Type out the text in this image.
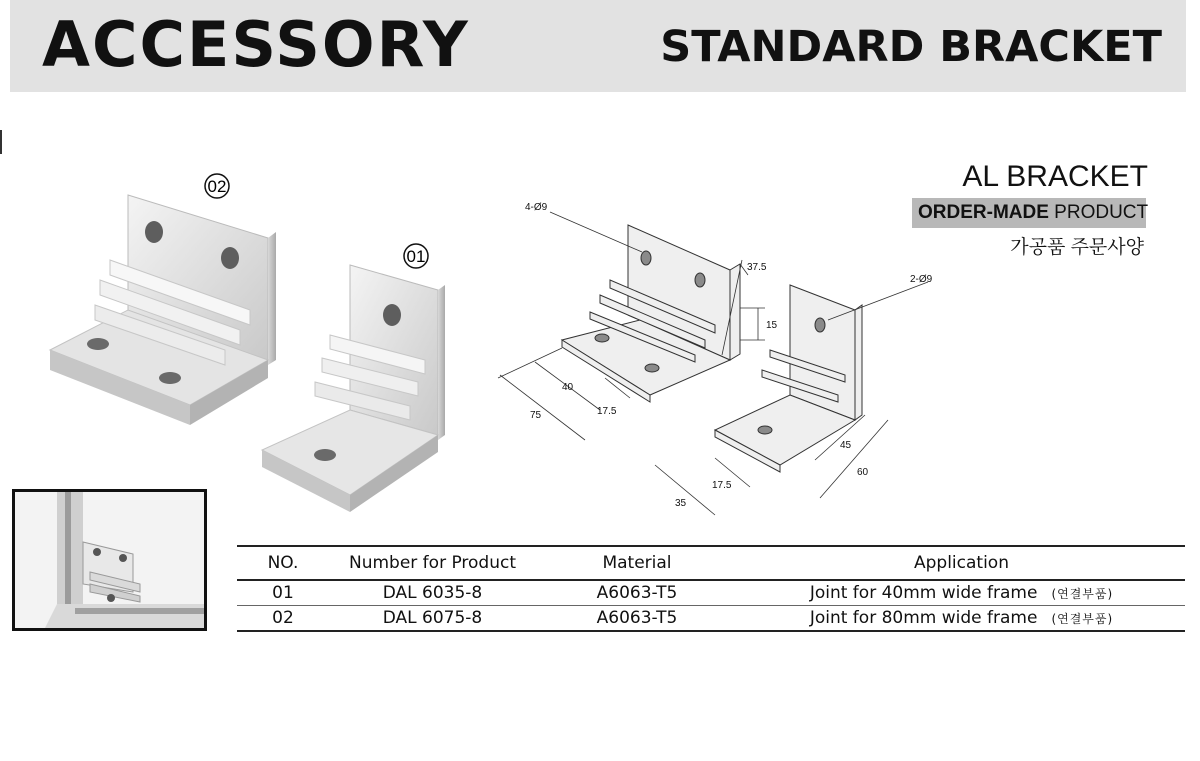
ACCESSORY	STANDARD BRACKET
02
01
4-Ø9
37.5
15
40
17.5
75
2-Ø9
45
60
17.5
35
AL BRACKET
ORDER-MADE PRODUCT
가공품 주문사양
NO.	Number for Product	Material	Application
01	DAL 6035-8	A6063-T5	Joint for 40mm wide frame (연결부품)
02	DAL 6075-8	A6063-T5	Joint for 80mm wide frame (연결부품)
